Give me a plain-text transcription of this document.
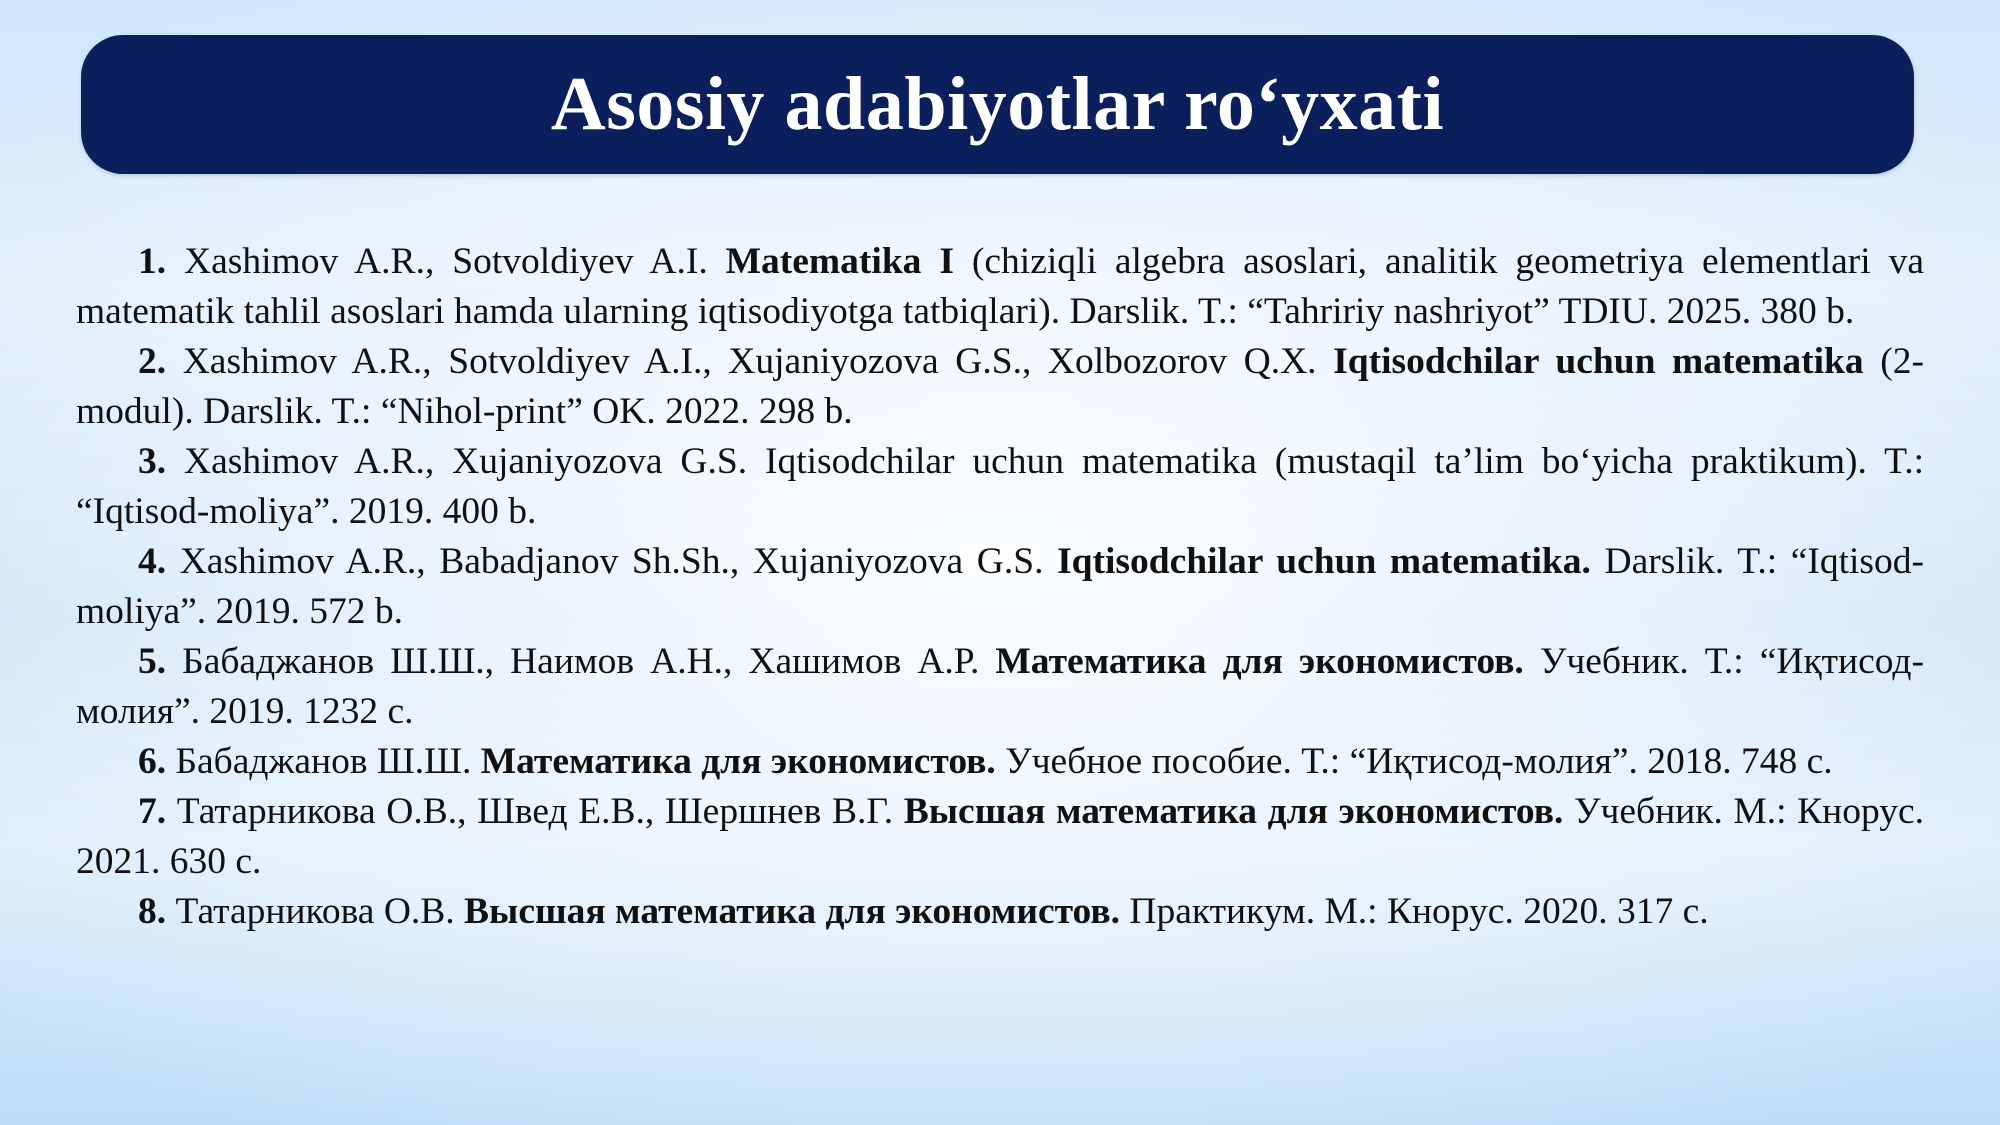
Asosiy adabiyotlar ro‘yxati

1. Xashimov A.R., Sotvoldiyev A.I. Matematika I (chiziqli algebra asoslari, analitik geometriya elementlari va matematik tahlil asoslari hamda ularning iqtisodiyotga tatbiqlari). Darslik. T.: “Tahririy nashriyot” TDIU. 2025. 380 b.

2. Xashimov A.R., Sotvoldiyev A.I., Xujaniyozova G.S., Xolbozorov Q.X. Iqtisodchilar uchun matematika (2-modul). Darslik. T.: “Nihol-print” OK. 2022. 298 b.

3. Xashimov A.R., Xujaniyozova G.S. Iqtisodchilar uchun matematika (mustaqil ta’lim bo‘yicha praktikum). T.: “Iqtisod-moliya”. 2019. 400 b.

4. Xashimov A.R., Babadjanov Sh.Sh., Xujaniyozova G.S. Iqtisodchilar uchun matematika. Darslik. T.: “Iqtisod-moliya”. 2019. 572 b.

5. Бабаджанов Ш.Ш., Наимов А.Н., Хашимов А.Р. Математика для экономистов. Учебник. Т.: “Иқтисод-молия”. 2019. 1232 с.

6. Бабаджанов Ш.Ш. Математика для экономистов. Учебное пособие. Т.: “Иқтисод-молия”. 2018. 748 с.

7. Татарникова О.В., Швед Е.В., Шершнев В.Г. Высшая математика для экономистов. Учебник. М.: Кнорус. 2021. 630 с.

8. Татарникова О.В. Высшая математика для экономистов. Практикум. М.: Кнорус. 2020. 317 с.
